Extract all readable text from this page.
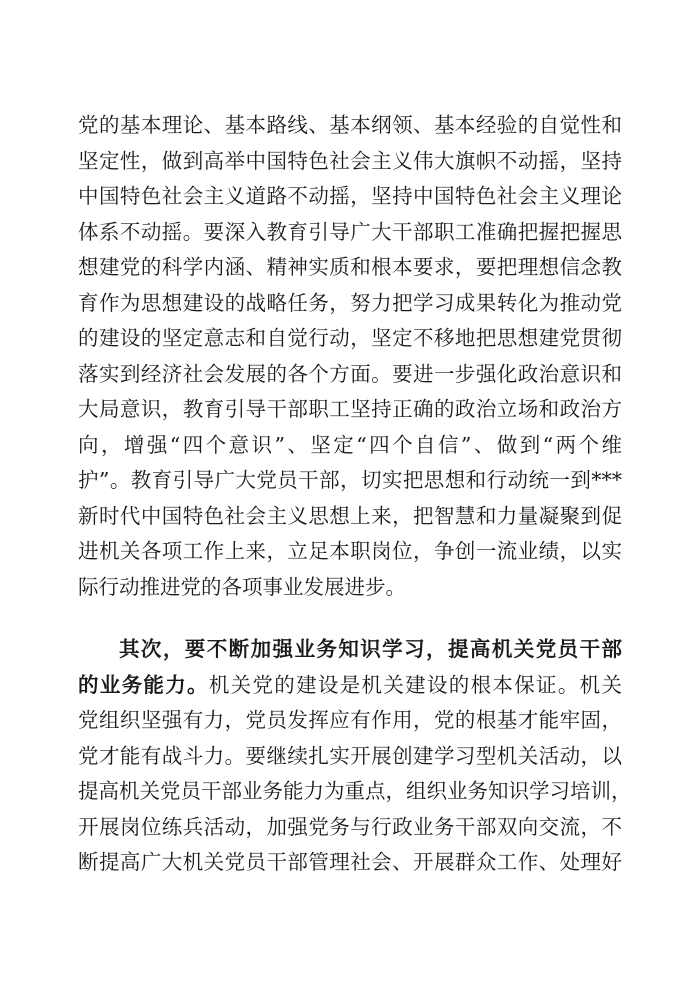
党的基本理论、基本路线、基本纲领、基本经验的自觉性和
坚定性，做到高举中国特色社会主义伟大旗帜不动摇，坚持
中国特色社会主义道路不动摇，坚持中国特色社会主义理论
体系不动摇。要深入教育引导广大干部职工准确把握把握思
想建党的科学内涵、精神实质和根本要求，要把理想信念教
育作为思想建设的战略任务，努力把学习成果转化为推动党
的建设的坚定意志和自觉行动，坚定不移地把思想建党贯彻
落实到经济社会发展的各个方面。要进一步强化政治意识和
大局意识，教育引导干部职工坚持正确的政治立场和政治方
向，增强“四个意识”、坚定“四个自信”、做到“两个维
护”。教育引导广大党员干部，切实把思想和行动统一到***
新时代中国特色社会主义思想上来，把智慧和力量凝聚到促
进机关各项工作上来，立足本职岗位，争创一流业绩，以实
际行动推进党的各项事业发展进步。
其次，要不断加强业务知识学习，提高机关党员干部
的业务能力。机关党的建设是机关建设的根本保证。机关
党组织坚强有力，党员发挥应有作用，党的根基才能牢固，
党才能有战斗力。要继续扎实开展创建学习型机关活动，以
提高机关党员干部业务能力为重点，组织业务知识学习培训，
开展岗位练兵活动，加强党务与行政业务干部双向交流，不
断提高广大机关党员干部管理社会、开展群众工作、处理好
